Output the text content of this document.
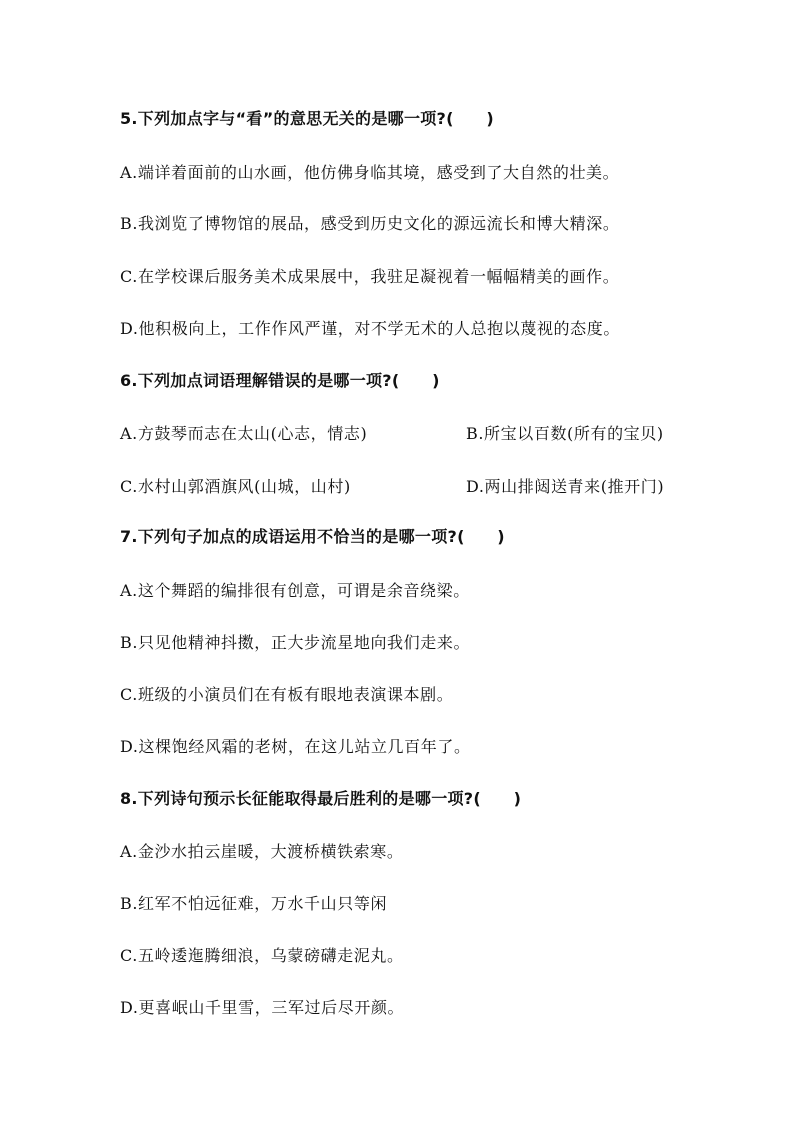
5.下列加点字与“看”的意思无关的是哪一项?(　　)
A.端详着面前的山水画，他仿佛身临其境，感受到了大自然的壮美。
B.我浏览了博物馆的展品，感受到历史文化的源远流长和博大精深。
C.在学校课后服务美术成果展中，我驻足凝视着一幅幅精美的画作。
D.他积极向上，工作作风严谨，对不学无术的人总抱以蔑视的态度。
6.下列加点词语理解错误的是哪一项?(　　)
A.方鼓琴而志在太山(心志，情志)	B.所宝以百数(所有的宝贝)
C.水村山郭酒旗风(山城，山村)	D.两山排闼送青来(推开门)
7.下列句子加点的成语运用不恰当的是哪一项?(　　)
A.这个舞蹈的编排很有创意，可谓是余音绕梁。
B.只见他精神抖擞，正大步流星地向我们走来。
C.班级的小演员们在有板有眼地表演课本剧。
D.这棵饱经风霜的老树，在这儿站立几百年了。
8.下列诗句预示长征能取得最后胜利的是哪一项?(　　)
A.金沙水拍云崖暖，大渡桥横铁索寒。
B.红军不怕远征难，万水千山只等闲
C.五岭逶迤腾细浪，乌蒙磅礴走泥丸。
D.更喜岷山千里雪，三军过后尽开颜。
